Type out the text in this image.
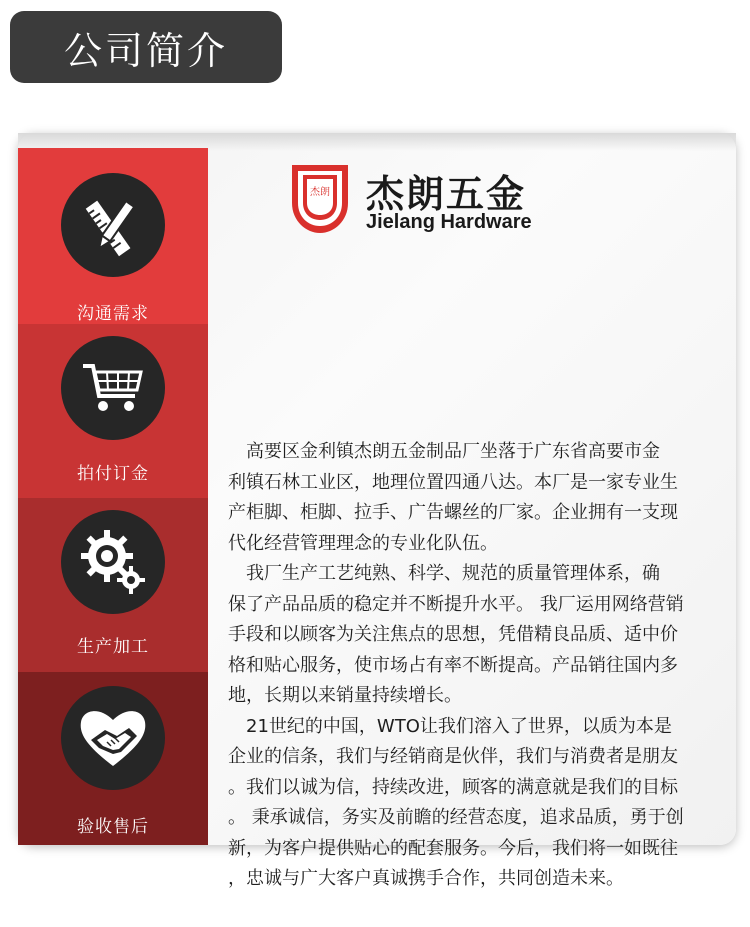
公司简介
沟通需求
拍付订金
生产加工
验收售后
杰朗 杰朗五金
Jielang Hardware
　高要区金利镇杰朗五金制品厂坐落于广东省高要市金
利镇石林工业区，地理位置四通八达。本厂是一家专业生
产柜脚、柜脚、拉手、广告螺丝的厂家。企业拥有一支现
代化经营管理理念的专业化队伍。
　我厂生产工艺纯熟、科学、规范的质量管理体系，确
保了产品品质的稳定并不断提升水平。 我厂运用网络营销
手段和以顾客为关注焦点的思想，凭借精良品质、适中价
格和贴心服务，使市场占有率不断提高。产品销往国内多
地，长期以来销量持续增长。
　21世纪的中国，WTO让我们溶入了世界，以质为本是
企业的信条，我们与经销商是伙伴，我们与消费者是朋友
。我们以诚为信，持续改进，顾客的满意就是我们的目标
。 秉承诚信，务实及前瞻的经营态度，追求品质，勇于创
新，为客户提供贴心的配套服务。今后，我们将一如既往
，忠诚与广大客户真诚携手合作，共同创造未来。
